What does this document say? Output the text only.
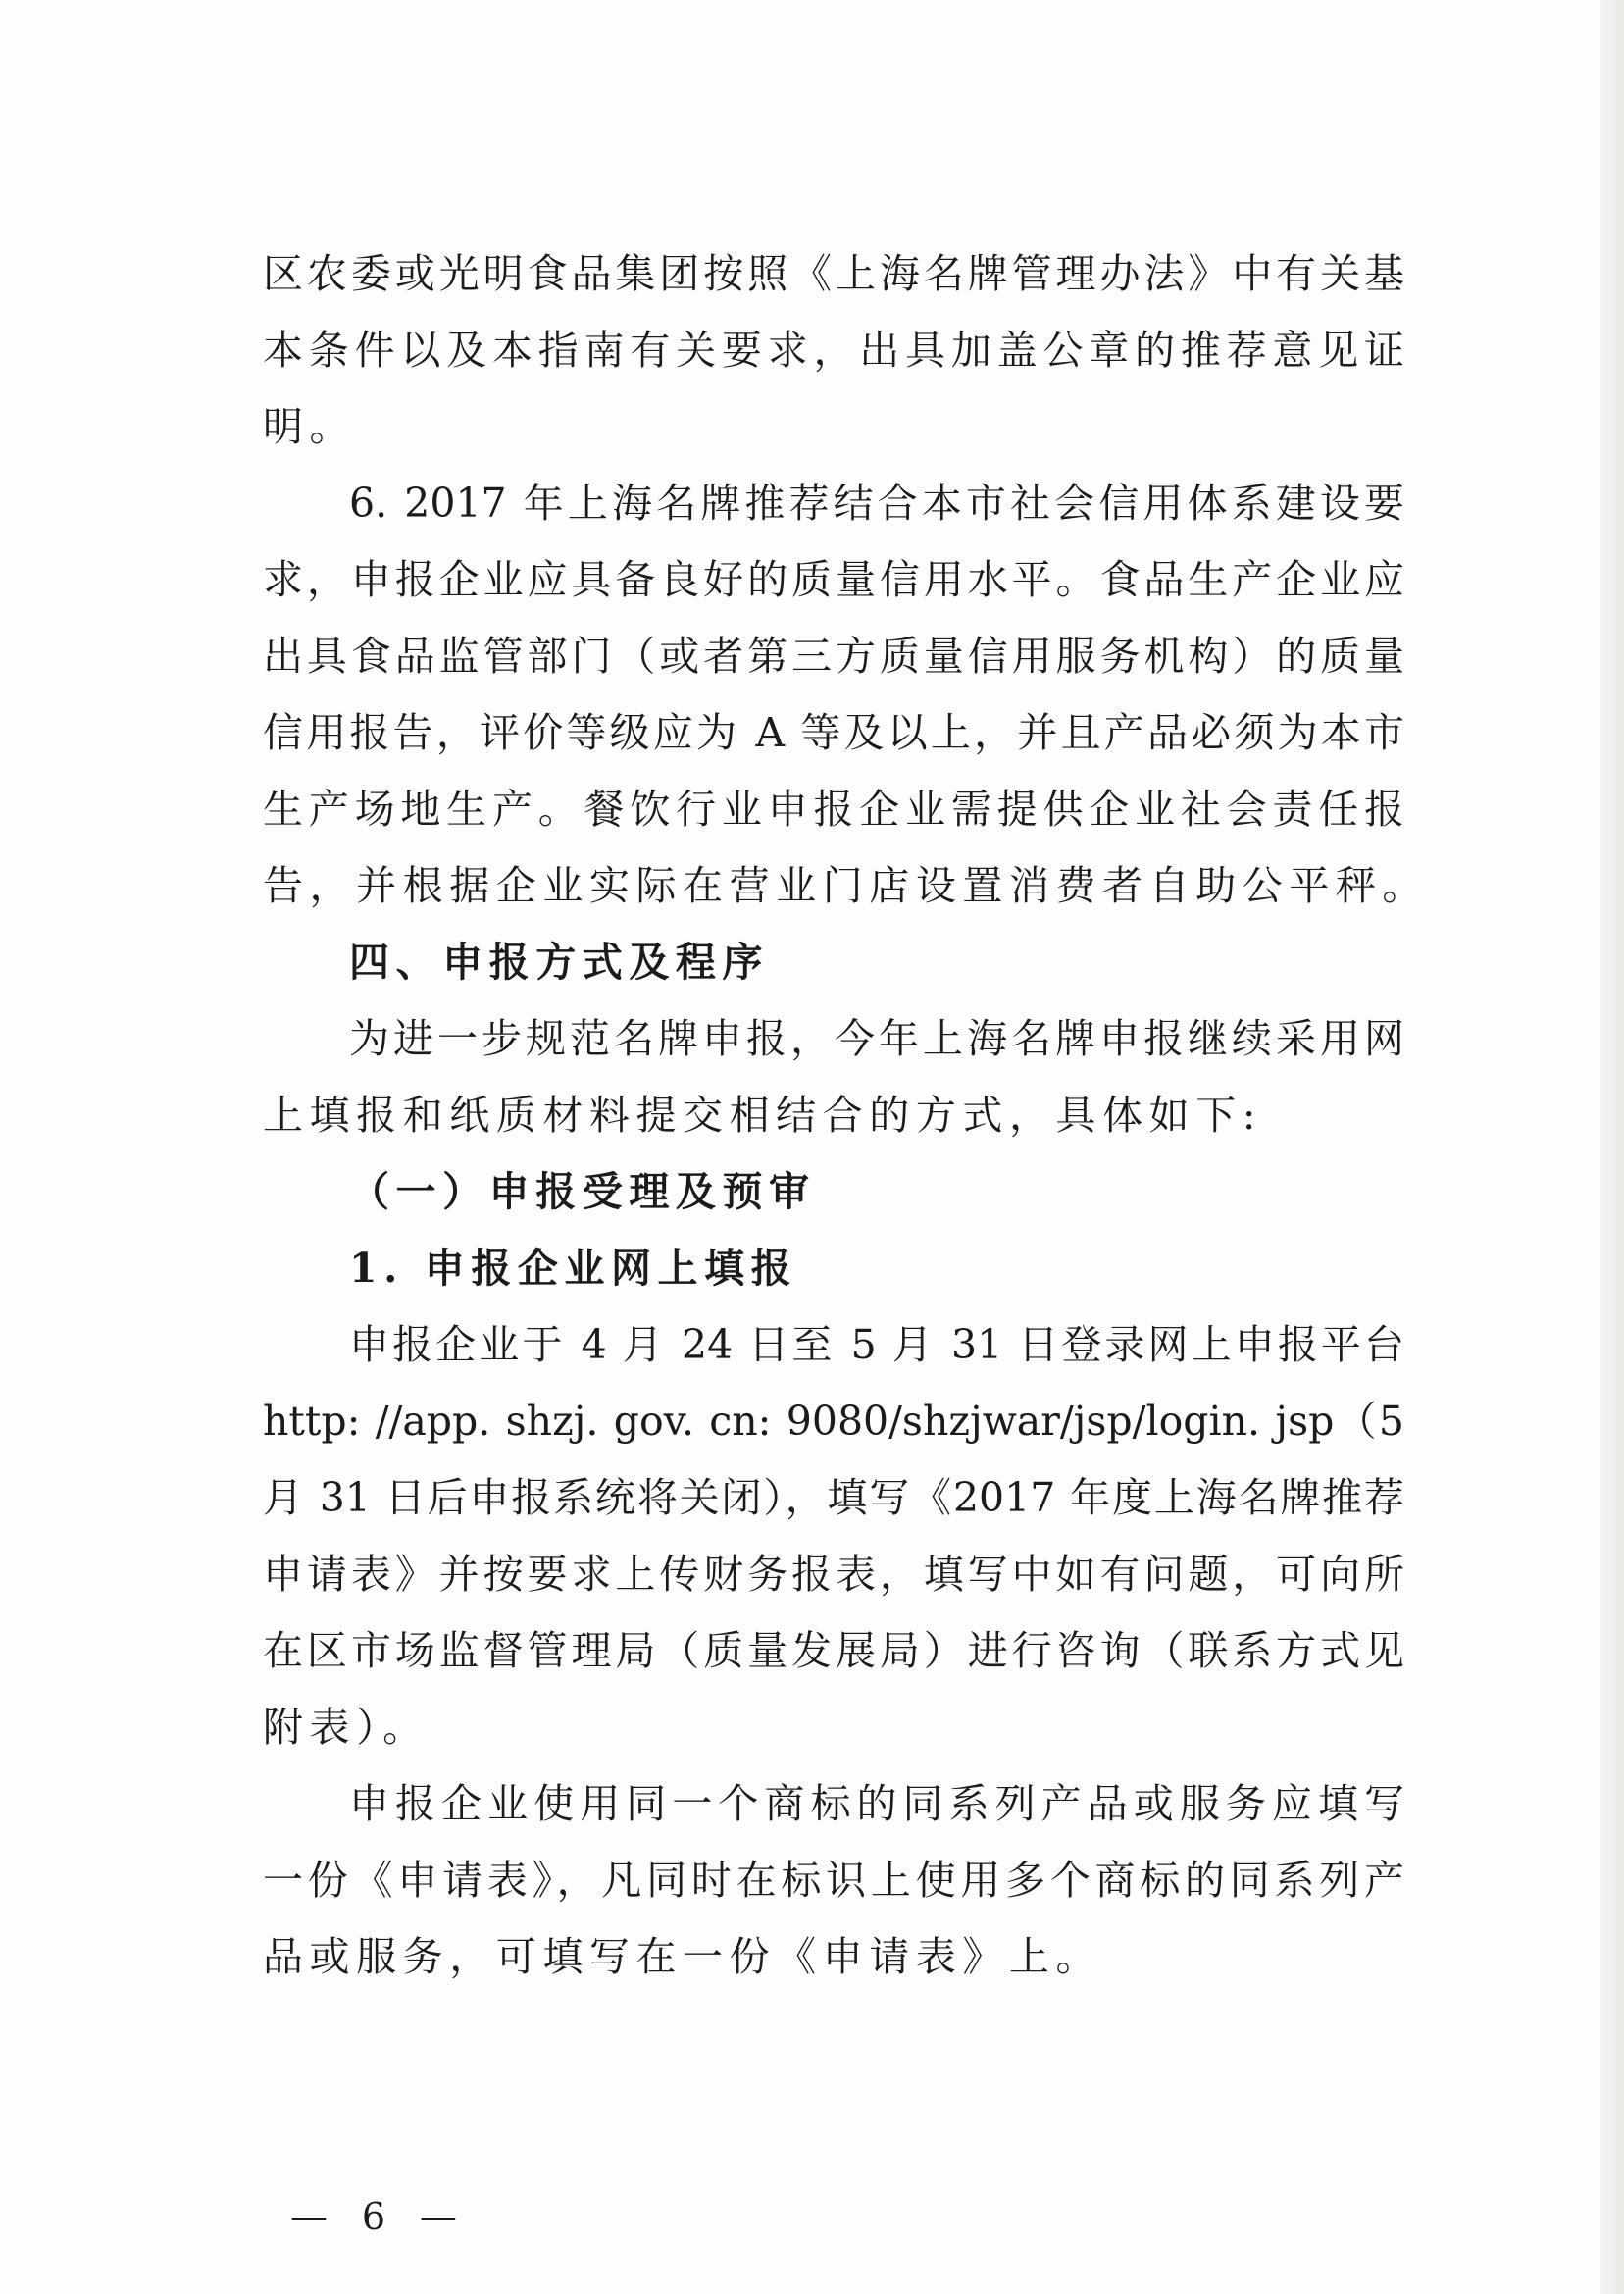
区农委或光明食品集团按照《上海名牌管理办法》中有关基
本条件以及本指南有关要求，出具加盖公章的推荐意见证
明。
6. 2017 年上海名牌推荐结合本市社会信用体系建设要
求，申报企业应具备良好的质量信用水平。食品生产企业应
出具食品监管部门（或者第三方质量信用服务机构）的质量
信用报告，评价等级应为 A 等及以上，并且产品必须为本市
生产场地生产。餐饮行业申报企业需提供企业社会责任报
告，并根据企业实际在营业门店设置消费者自助公平秤。
四、申报方式及程序
为进一步规范名牌申报，今年上海名牌申报继续采用网
上填报和纸质材料提交相结合的方式，具体如下:
（一）申报受理及预审
1. 申报企业网上填报
申报企业于 4 月 24 日至 5 月 31 日登录网上申报平台
http: //app. shzj. gov. cn: 9080/shzjwar/jsp/login. jsp（5
月 31 日后申报系统将关闭），填写《2017 年度上海名牌推荐
申请表》并按要求上传财务报表，填写中如有问题，可向所
在区市场监督管理局（质量发展局）进行咨询（联系方式见
附表）。
申报企业使用同一个商标的同系列产品或服务应填写
一份《申请表》，凡同时在标识上使用多个商标的同系列产
品或服务，可填写在一份《申请表》上。
— 6 —
